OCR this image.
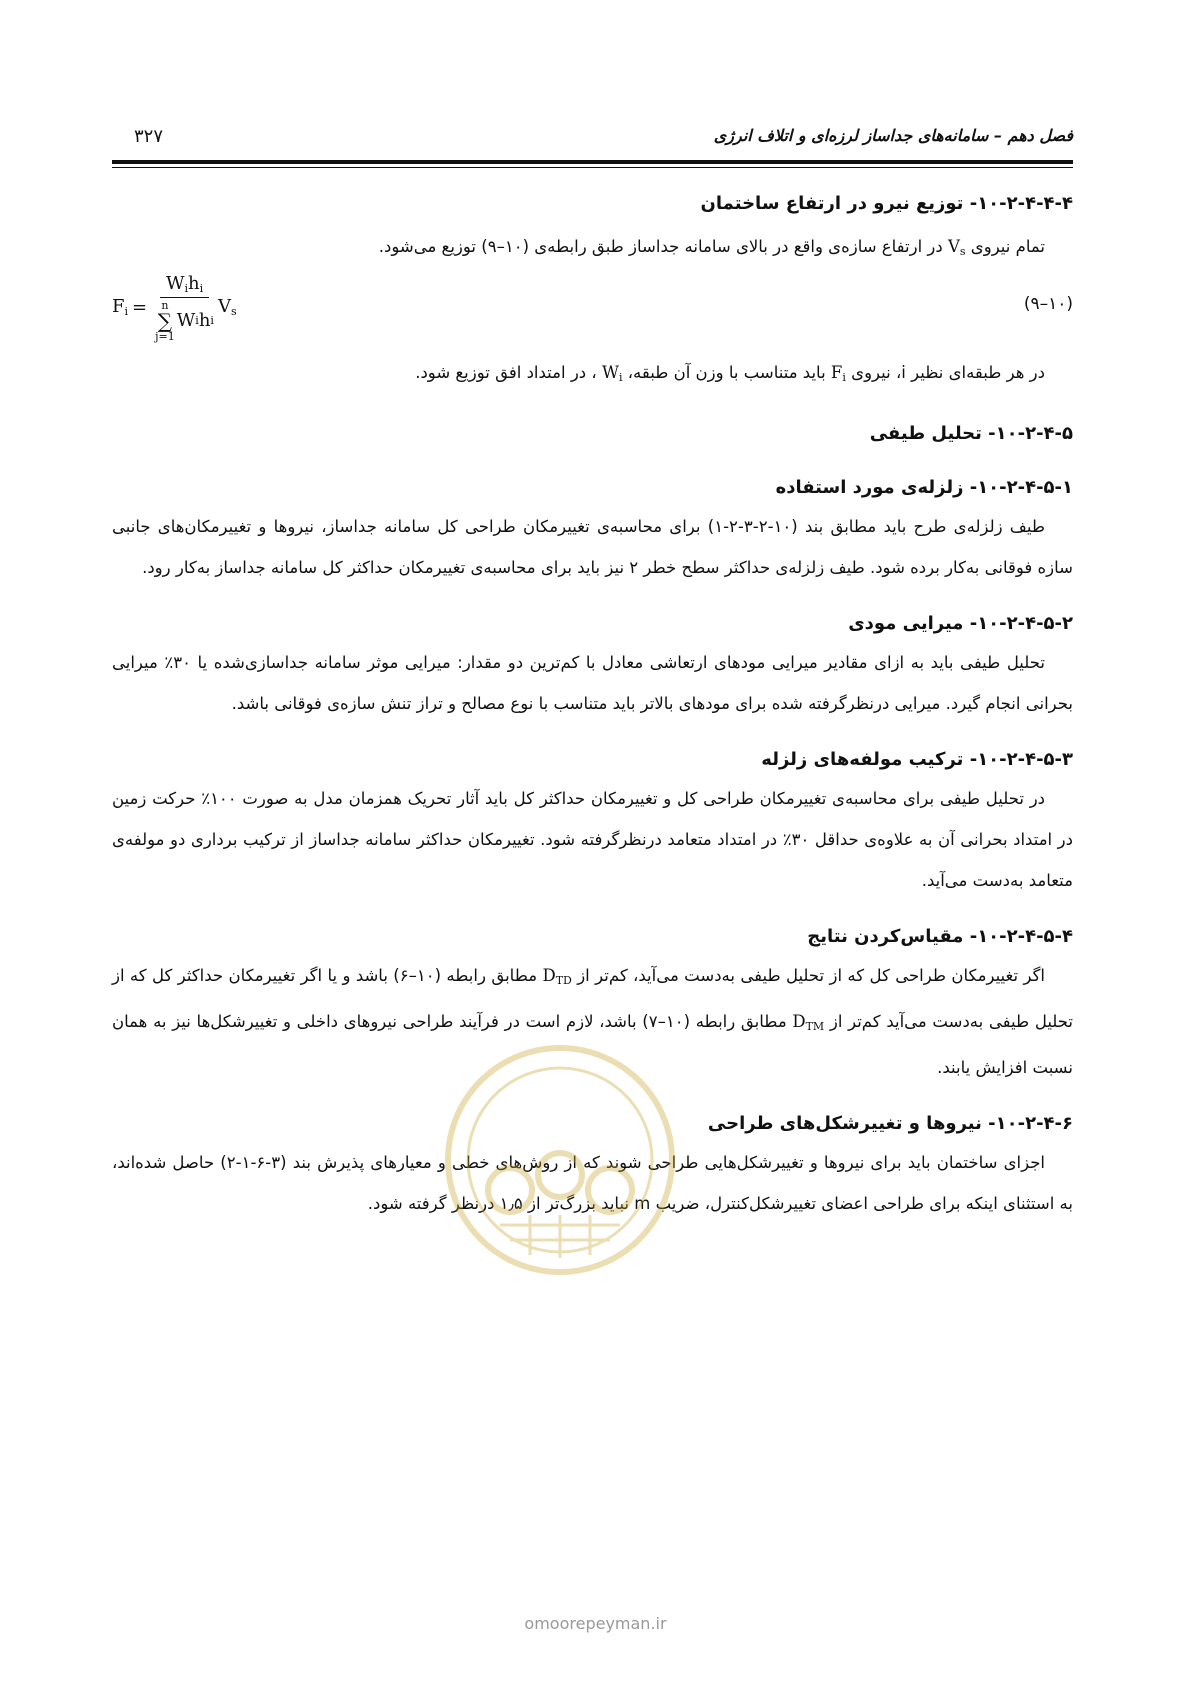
فصل دهم – سامانه‌های جداساز لرزه‌ای و اتلاف انرژی
۳۲۷
۱۰-۲-۴-۴-۴- توزیع نیرو در ارتفاع ساختمان

تمام نیروی $V_s$ در ارتفاع سازه‌ی واقع در بالای سامانه جداساز طبق رابطه‌ی (۱۰–۹) توزیع می‌شود.

(۱۰–۹)
$F_i = W_ih_i$
n
∑
j=1
W i h i $V_s$

در هر طبقه‌ای نظیر i، نیروی $F_i$ باید متناسب با وزن آن طبقه، $W_i$ ، در امتداد افق توزیع شود.

۱۰-۲-۴-۵- تحلیل طیفی
۱۰-۲-۴-۵-۱- زلزله‌ی مورد استفاده

طیف زلزله‌ی طرح باید مطابق بند (۱۰-۲-۳-۲-۱) برای محاسبه‌ی تغییرمکان طراحی کل سامانه جداساز، نیروها و تغییرمکان‌های جانبی سازه فوقانی به‌کار برده شود. طیف زلزله‌ی حداکثر سطح خطر ۲ نیز باید برای محاسبه‌ی تغییرمکان حداکثر کل سامانه جداساز به‌کار رود.

۱۰-۲-۴-۵-۲- میرایی مودی

تحلیل طیفی باید به ازای مقادیر میرایی مودهای ارتعاشی معادل با کم‌ترین دو مقدار: میرایی موثر سامانه جداسازی‌شده یا ۳۰٪ میرایی بحرانی انجام گیرد. میرایی درنظرگرفته شده برای مودهای بالاتر باید متناسب با نوع مصالح و تراز تنش سازه‌ی فوقانی باشد.

۱۰-۲-۴-۵-۳- ترکیب مولفه‌های زلزله

در تحلیل طیفی برای محاسبه‌ی تغییرمکان طراحی کل و تغییرمکان حداکثر کل باید آثار تحریک همزمان مدل به صورت ۱۰۰٪ حرکت زمین در امتداد بحرانی آن به علاوه‌ی حداقل ۳۰٪ در امتداد متعامد درنظرگرفته شود. تغییرمکان حداکثر سامانه جداساز از ترکیب برداری دو مولفه‌ی متعامد به‌دست می‌آید.

۱۰-۲-۴-۵-۴- مقیاس‌کردن نتایج

اگر تغییرمکان طراحی کل که از تحلیل طیفی به‌دست می‌آید، کم‌تر از $D_{TD}$ مطابق رابطه (۱۰–۶) باشد و یا اگر تغییرمکان حداکثر کل که از تحلیل طیفی به‌دست می‌آید کم‌تر از $D_{TM}$ مطابق رابطه (۱۰–۷) باشد، لازم است در فرآیند طراحی نیروهای داخلی و تغییرشکل‌ها نیز به همان نسبت افزایش یابند.

۱۰-۲-۴-۶- نیروها و تغییرشکل‌های طراحی

اجزای ساختمان باید برای نیروها و تغییرشکل‌هایی طراحی شوند که از روش‌های خطی و معیارهای پذیرش بند (۳-۶-۱-۲) حاصل شده‌اند، به استثنای اینکه برای طراحی اعضای تغییرشکل‌کنترل، ضریب m نباید بزرگ‌تر از ۱٫۵ درنظر گرفته شود.

omoorepeyman.ir
